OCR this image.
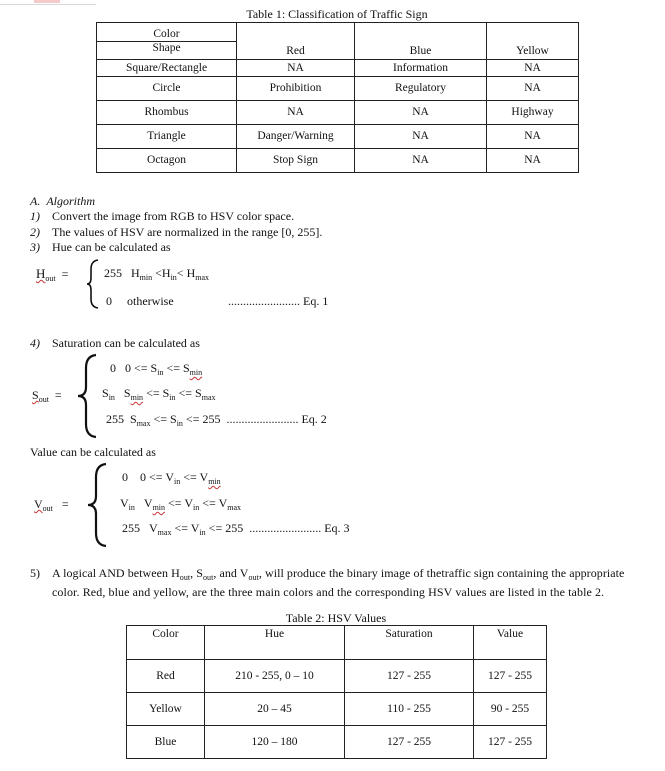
Table 1: Classification of Traffic Sign
Color
Shape	Red	Blue	Yellow
Square/Rectangle	NA	Information	NA
Circle	Prohibition	Regulatory	NA
Rhombus	NA	NA	Highway
Triangle	Danger/Warning	NA	NA
Octagon	Stop Sign	NA	NA
A. Algorithm
1) Convert the image from RGB to HSV color space.
2) The values of HSV are normalized in the range [0, 255].
3) Hue can be calculated as
$H_{out}$ =	255 $H_{min} <H_{in}< H_{max}$
0 otherwise	........................ Eq. 1
4) Saturation can be calculated as
$S_{out}$ =
0 $0 <= S_{in} <= S_{min}$
$S_{in}$ $S_{min} <= S_{in} <= S_{max}$
255 $S_{max} <= S_{in} <= 255$ ........................ Eq. 2
Value can be calculated as
$V_{out}$ =
0 $0 <= V_{in} <= V_{min}$
$V_{in}$ $V_{min} <= V_{in} <= V_{max}$
255 $V_{max} <= V_{in} <= 255$ ........................ Eq. 3
5) A logical AND between $H_{out}$, $S_{out}$, and $V_{out}$, will produce the binary image of thetraffic sign containing the appropriate
color. Red, blue and yellow, are the three main colors and the corresponding HSV values are listed in the table 2.
Table 2: HSV Values
Color	Hue	Saturation	Value
Red	210 - 255, 0 – 10	127 - 255	127 - 255
Yellow	20 – 45	110 - 255	90 - 255
Blue	120 – 180	127 - 255	127 - 255
